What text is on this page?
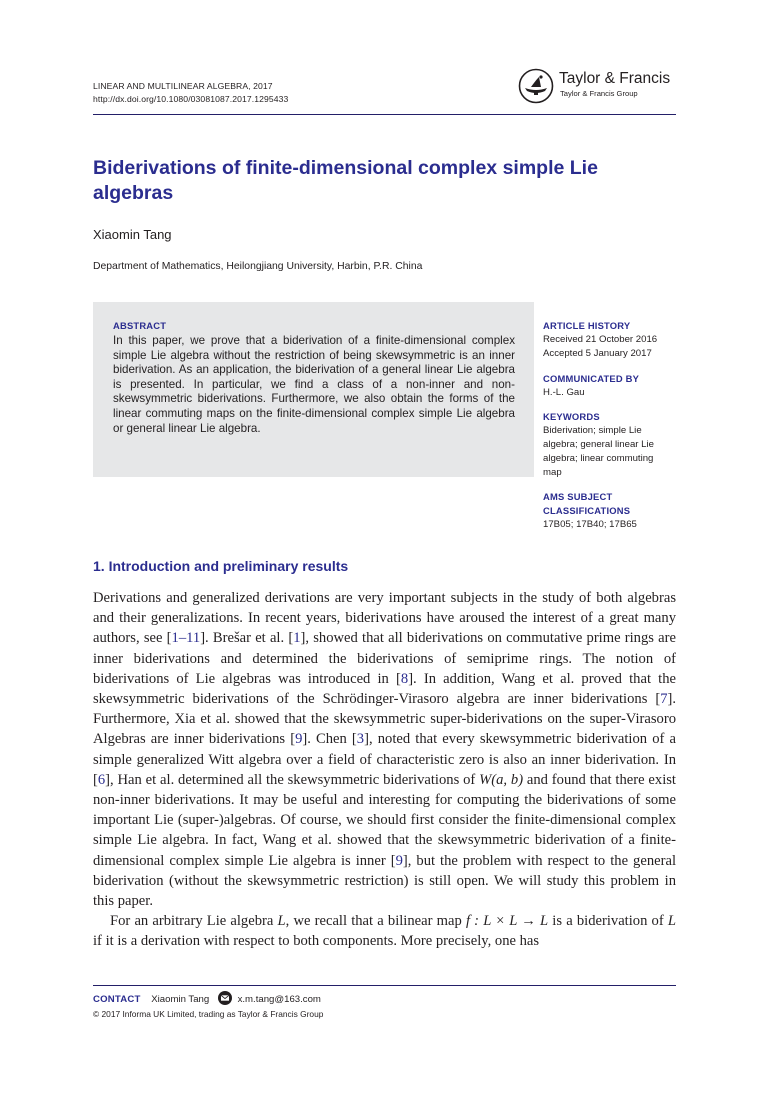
LINEAR AND MULTILINEAR ALGEBRA, 2017
http://dx.doi.org/10.1080/03081087.2017.1295433
Taylor & Francis
Taylor & Francis Group
Biderivations of finite-dimensional complex simple Lie
algebras
Xiaomin Tang
Department of Mathematics, Heilongjiang University, Harbin, P.R. China
ABSTRACT
In this paper, we prove that a biderivation of a finite-dimensional complex simple Lie algebra without the restriction of being skewsymmetric is an inner biderivation. As an application, the biderivation of a general linear Lie algebra is presented. In particular, we find a class of a non-inner and non-skewsymmetric biderivations. Furthermore, we also obtain the forms of the linear commuting maps on the finite-dimensional complex simple Lie algebra or general linear Lie algebra.
ARTICLE HISTORY
Received 21 October 2016
Accepted 5 January 2017
COMMUNICATED BY
H.-L. Gau
KEYWORDS
Biderivation; simple Lie
algebra; general linear Lie
algebra; linear commuting
map
AMS SUBJECT
CLASSIFICATIONS
17B05; 17B40; 17B65
1. Introduction and preliminary results

Derivations and generalized derivations are very important subjects in the study of both algebras and their generalizations. In recent years, biderivations have aroused the interest of a great many authors, see [1–11]. Brešar et al. [1], showed that all biderivations on commutative prime rings are inner biderivations and determined the biderivations of semiprime rings. The notion of biderivations of Lie algebras was introduced in [8]. In addition, Wang et al. proved that the skewsymmetric biderivations of the Schrödinger-Virasoro algebra are inner biderivations [7]. Furthermore, Xia et al. showed that the skewsymmetric super-biderivations on the super-Virasoro Algebras are inner biderivations [9]. Chen [3], noted that every skewsymmetric biderivation of a simple generalized Witt algebra over a field of characteristic zero is also an inner biderivation. In [6], Han et al. determined all the skewsymmetric biderivations of W(a, b) and found that there exist non-inner biderivations. It may be useful and interesting for computing the biderivations of some important Lie (super-)algebras. Of course, we should first consider the finite-dimensional complex simple Lie algebra. In fact, Wang et al. showed that the skewsymmetric biderivation of a finite-dimensional complex simple Lie algebra is inner [9], but the problem with respect to the general biderivation (without the skewsymmetric restriction) is still open. We will study this problem in this paper.

For an arbitrary Lie algebra L, we recall that a bilinear map f : L × L → L is a biderivation of L if it is a derivation with respect to both components. More precisely, one has

CONTACT Xiaomin Tang	x.m.tang@163.com
© 2017 Informa UK Limited, trading as Taylor & Francis Group
